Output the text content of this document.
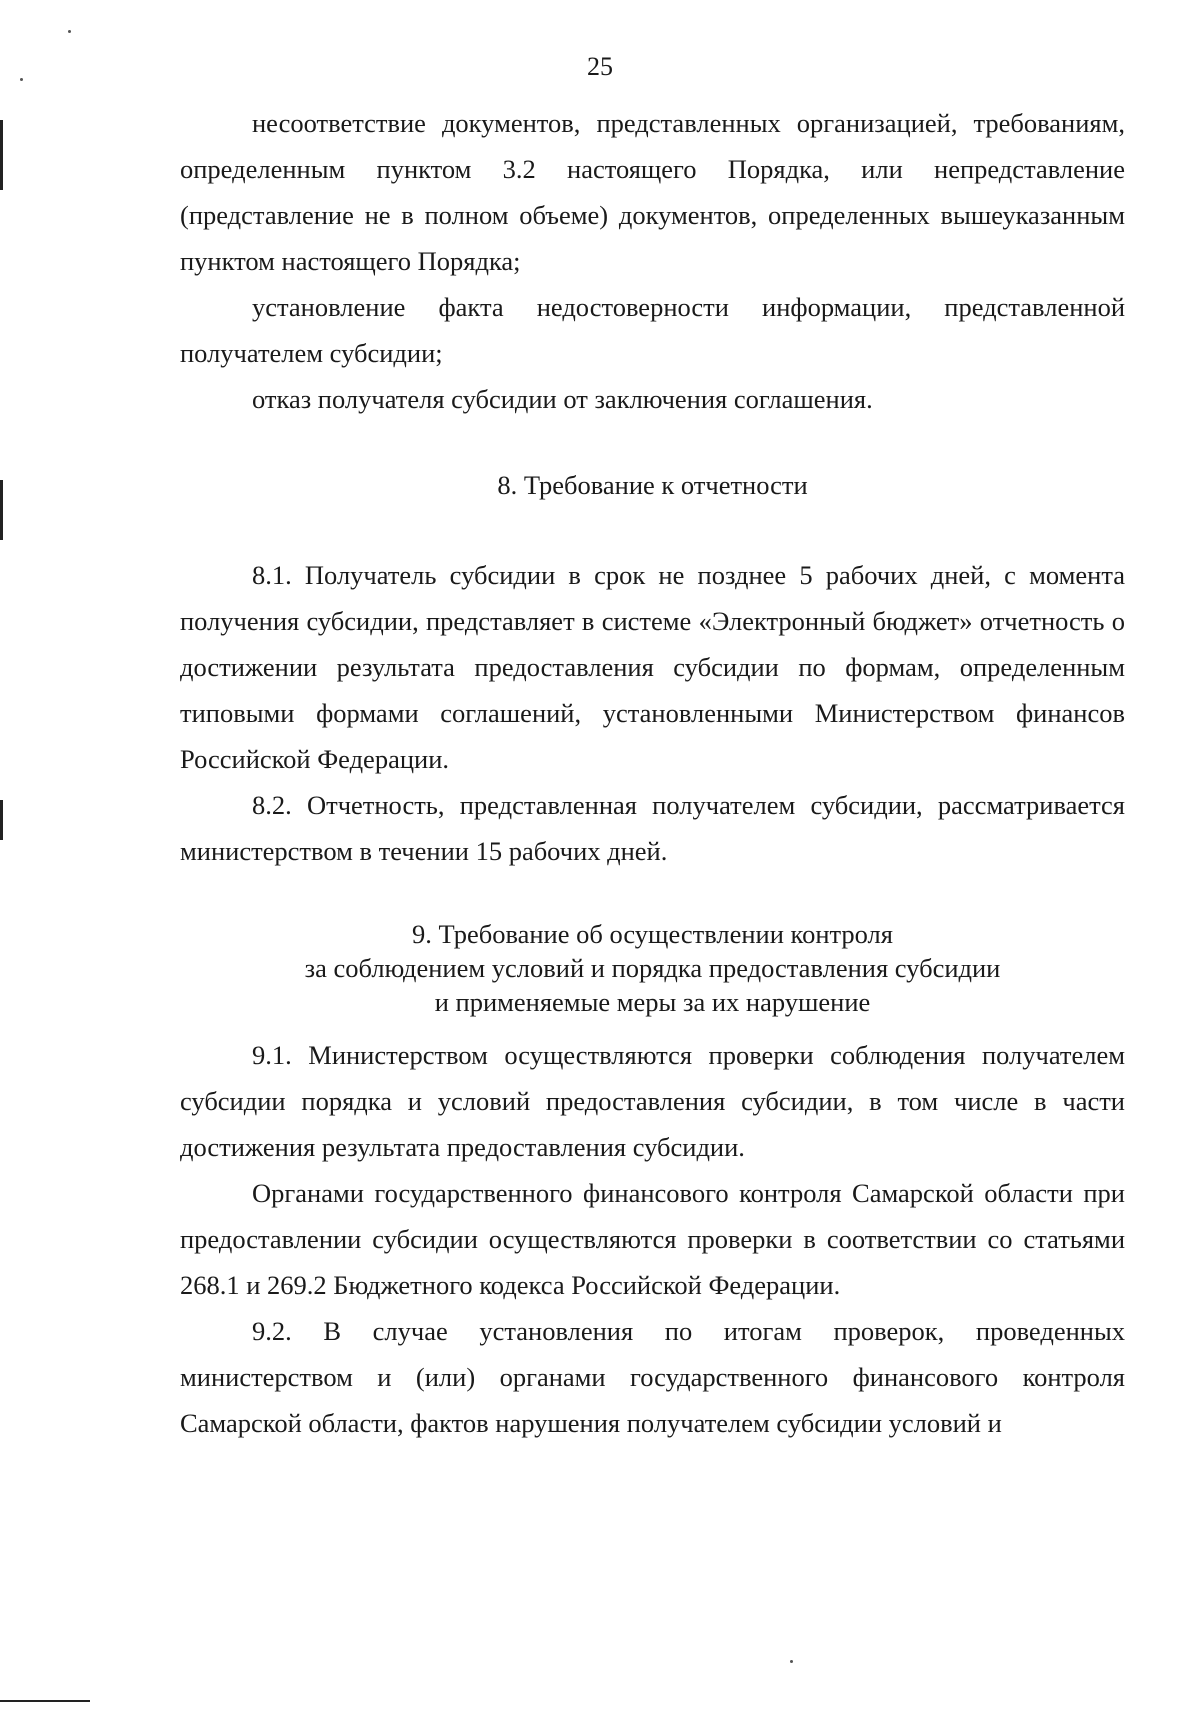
25

несоответствие документов, представленных организацией, требованиям, определенным пунктом 3.2 настоящего Порядка, или непредставление (представление не в полном объеме) документов, определенных вышеуказанным пунктом настоящего Порядка;

установление факта недостоверности информации, представленной получателем субсидии;

отказ получателя субсидии от заключения соглашения.

8. Требование к отчетности

8.1. Получатель субсидии в срок не позднее 5 рабочих дней, с момента получения субсидии, представляет в системе «Электронный бюджет» отчетность о достижении результата предоставления субсидии по формам, определенным типовыми формами соглашений, установленными Министерством финансов Российской Федерации.

8.2. Отчетность, представленная получателем субсидии, рассматривается министерством в течении 15 рабочих дней.

9. Требование об осуществлении контроля
за соблюдением условий и порядка предоставления субсидии
и применяемые меры за их нарушение

9.1. Министерством осуществляются проверки соблюдения получателем субсидии порядка и условий предоставления субсидии, в том числе в части достижения результата предоставления субсидии.

Органами государственного финансового контроля Самарской области при предоставлении субсидии осуществляются проверки в соответствии со статьями 268.1 и 269.2 Бюджетного кодекса Российской Федерации.

9.2. В случае установления по итогам проверок, проведенных министерством и (или) органами государственного финансового контроля Самарской области, фактов нарушения получателем субсидии условий и
